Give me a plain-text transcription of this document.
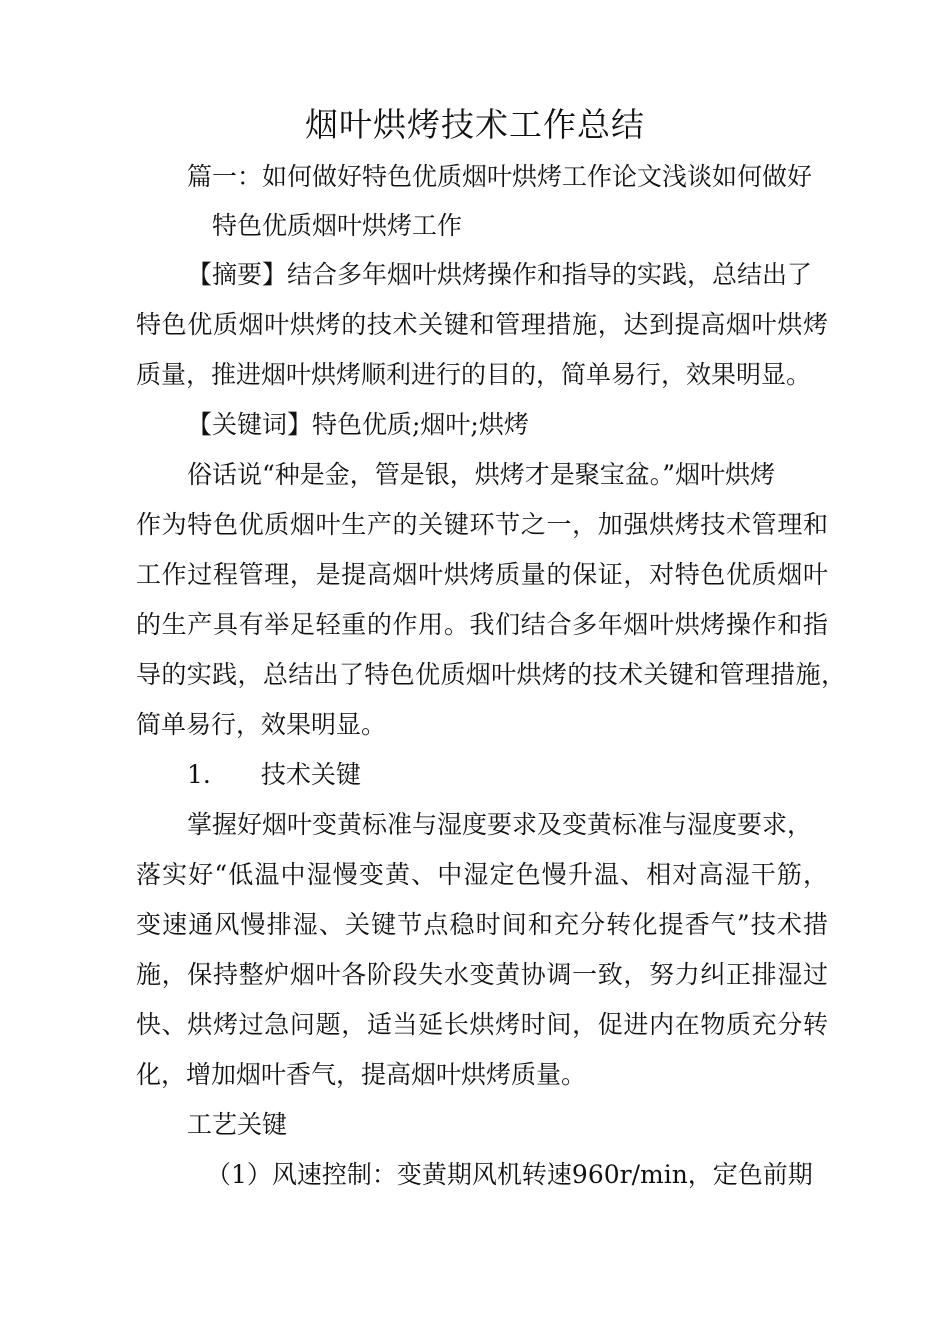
烟叶烘烤技术工作总结

篇一：如何做好特色优质烟叶烘烤工作论文浅谈如何做好

特色优质烟叶烘烤工作

【摘要】结合多年烟叶烘烤操作和指导的实践，总结出了

特色优质烟叶烘烤的技术关键和管理措施，达到提高烟叶烘烤

质量，推进烟叶烘烤顺利进行的目的，简单易行，效果明显。

【关键词】特色优质;烟叶;烘烤

俗话说“种是金，管是银，烘烤才是聚宝盆。”烟叶烘烤

作为特色优质烟叶生产的关键环节之一，加强烘烤技术管理和

工作过程管理，是提高烟叶烘烤质量的保证，对特色优质烟叶

的生产具有举足轻重的作用。我们结合多年烟叶烘烤操作和指

导的实践，总结出了特色优质烟叶烘烤的技术关键和管理措施，

简单易行，效果明显。

1.　　技术关键

掌握好烟叶变黄标准与湿度要求及变黄标准与湿度要求，

落实好“低温中湿慢变黄、中湿定色慢升温、相对高湿干筋，

变速通风慢排湿、关键节点稳时间和充分转化提香气”技术措

施，保持整炉烟叶各阶段失水变黄协调一致，努力纠正排湿过

快、烘烤过急问题，适当延长烘烤时间，促进内在物质充分转

化，增加烟叶香气，提高烟叶烘烤质量。

工艺关键

（1）风速控制：变黄期风机转速960r/min，定色前期
